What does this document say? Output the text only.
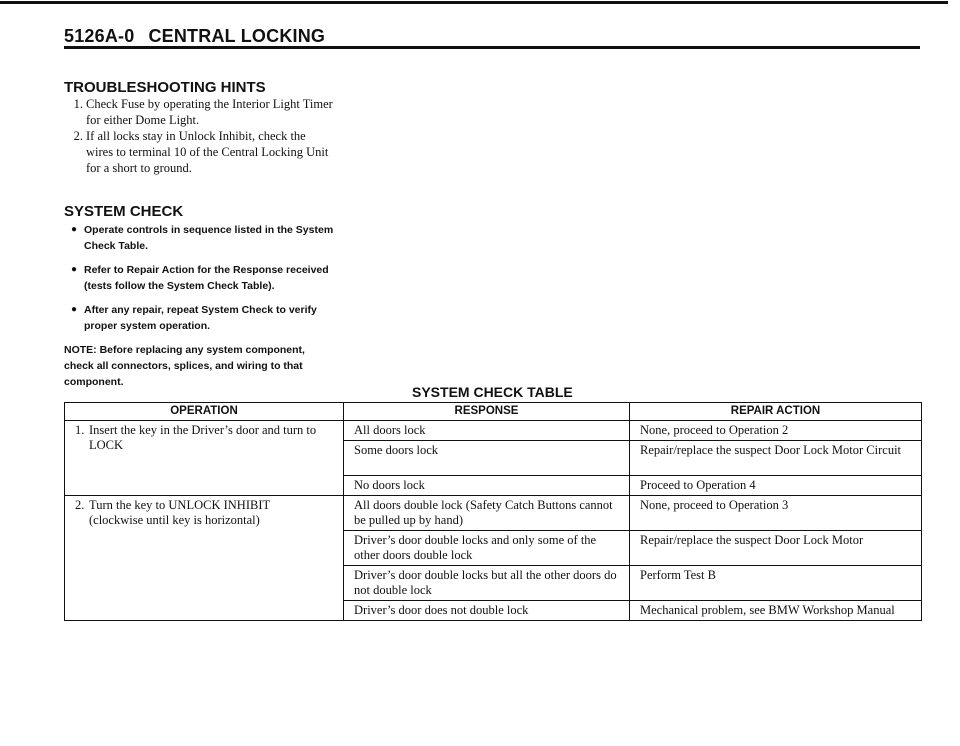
5126A-0 CENTRAL LOCKING
TROUBLESHOOTING HINTS
1. Check Fuse by operating the Interior Light Timer for either Dome Light.
2. If all locks stay in Unlock Inhibit, check the wires to terminal 10 of the Central Locking Unit for a short to ground.
SYSTEM CHECK
● Operate controls in sequence listed in the System Check Table.
● Refer to Repair Action for the Response received (tests follow the System Check Table).
● After any repair, repeat System Check to verify proper system operation.

NOTE: Before replacing any system component, check all connectors, splices, and wiring to that component.

SYSTEM CHECK TABLE
OPERATION	RESPONSE	REPAIR ACTION

1. Insert the key in the Driver’s door and turn to LOCK	All doors lock	None, proceed to Operation 2
	Some doors lock	Repair/replace the suspect Door Lock Motor Circuit
	No doors lock	Proceed to Operation 4

2. Turn the key to UNLOCK INHIBIT
(clockwise until key is horizontal)	All doors double lock (Safety Catch Buttons cannot be pulled up by hand)	None, proceed to Operation 3
	Driver’s door double locks and only some of the other doors double lock	Repair/replace the suspect Door Lock Motor
	Driver’s door double locks but all the other doors do not double lock	Perform Test B
	Driver’s door does not double lock	Mechanical problem, see BMW Workshop Manual
